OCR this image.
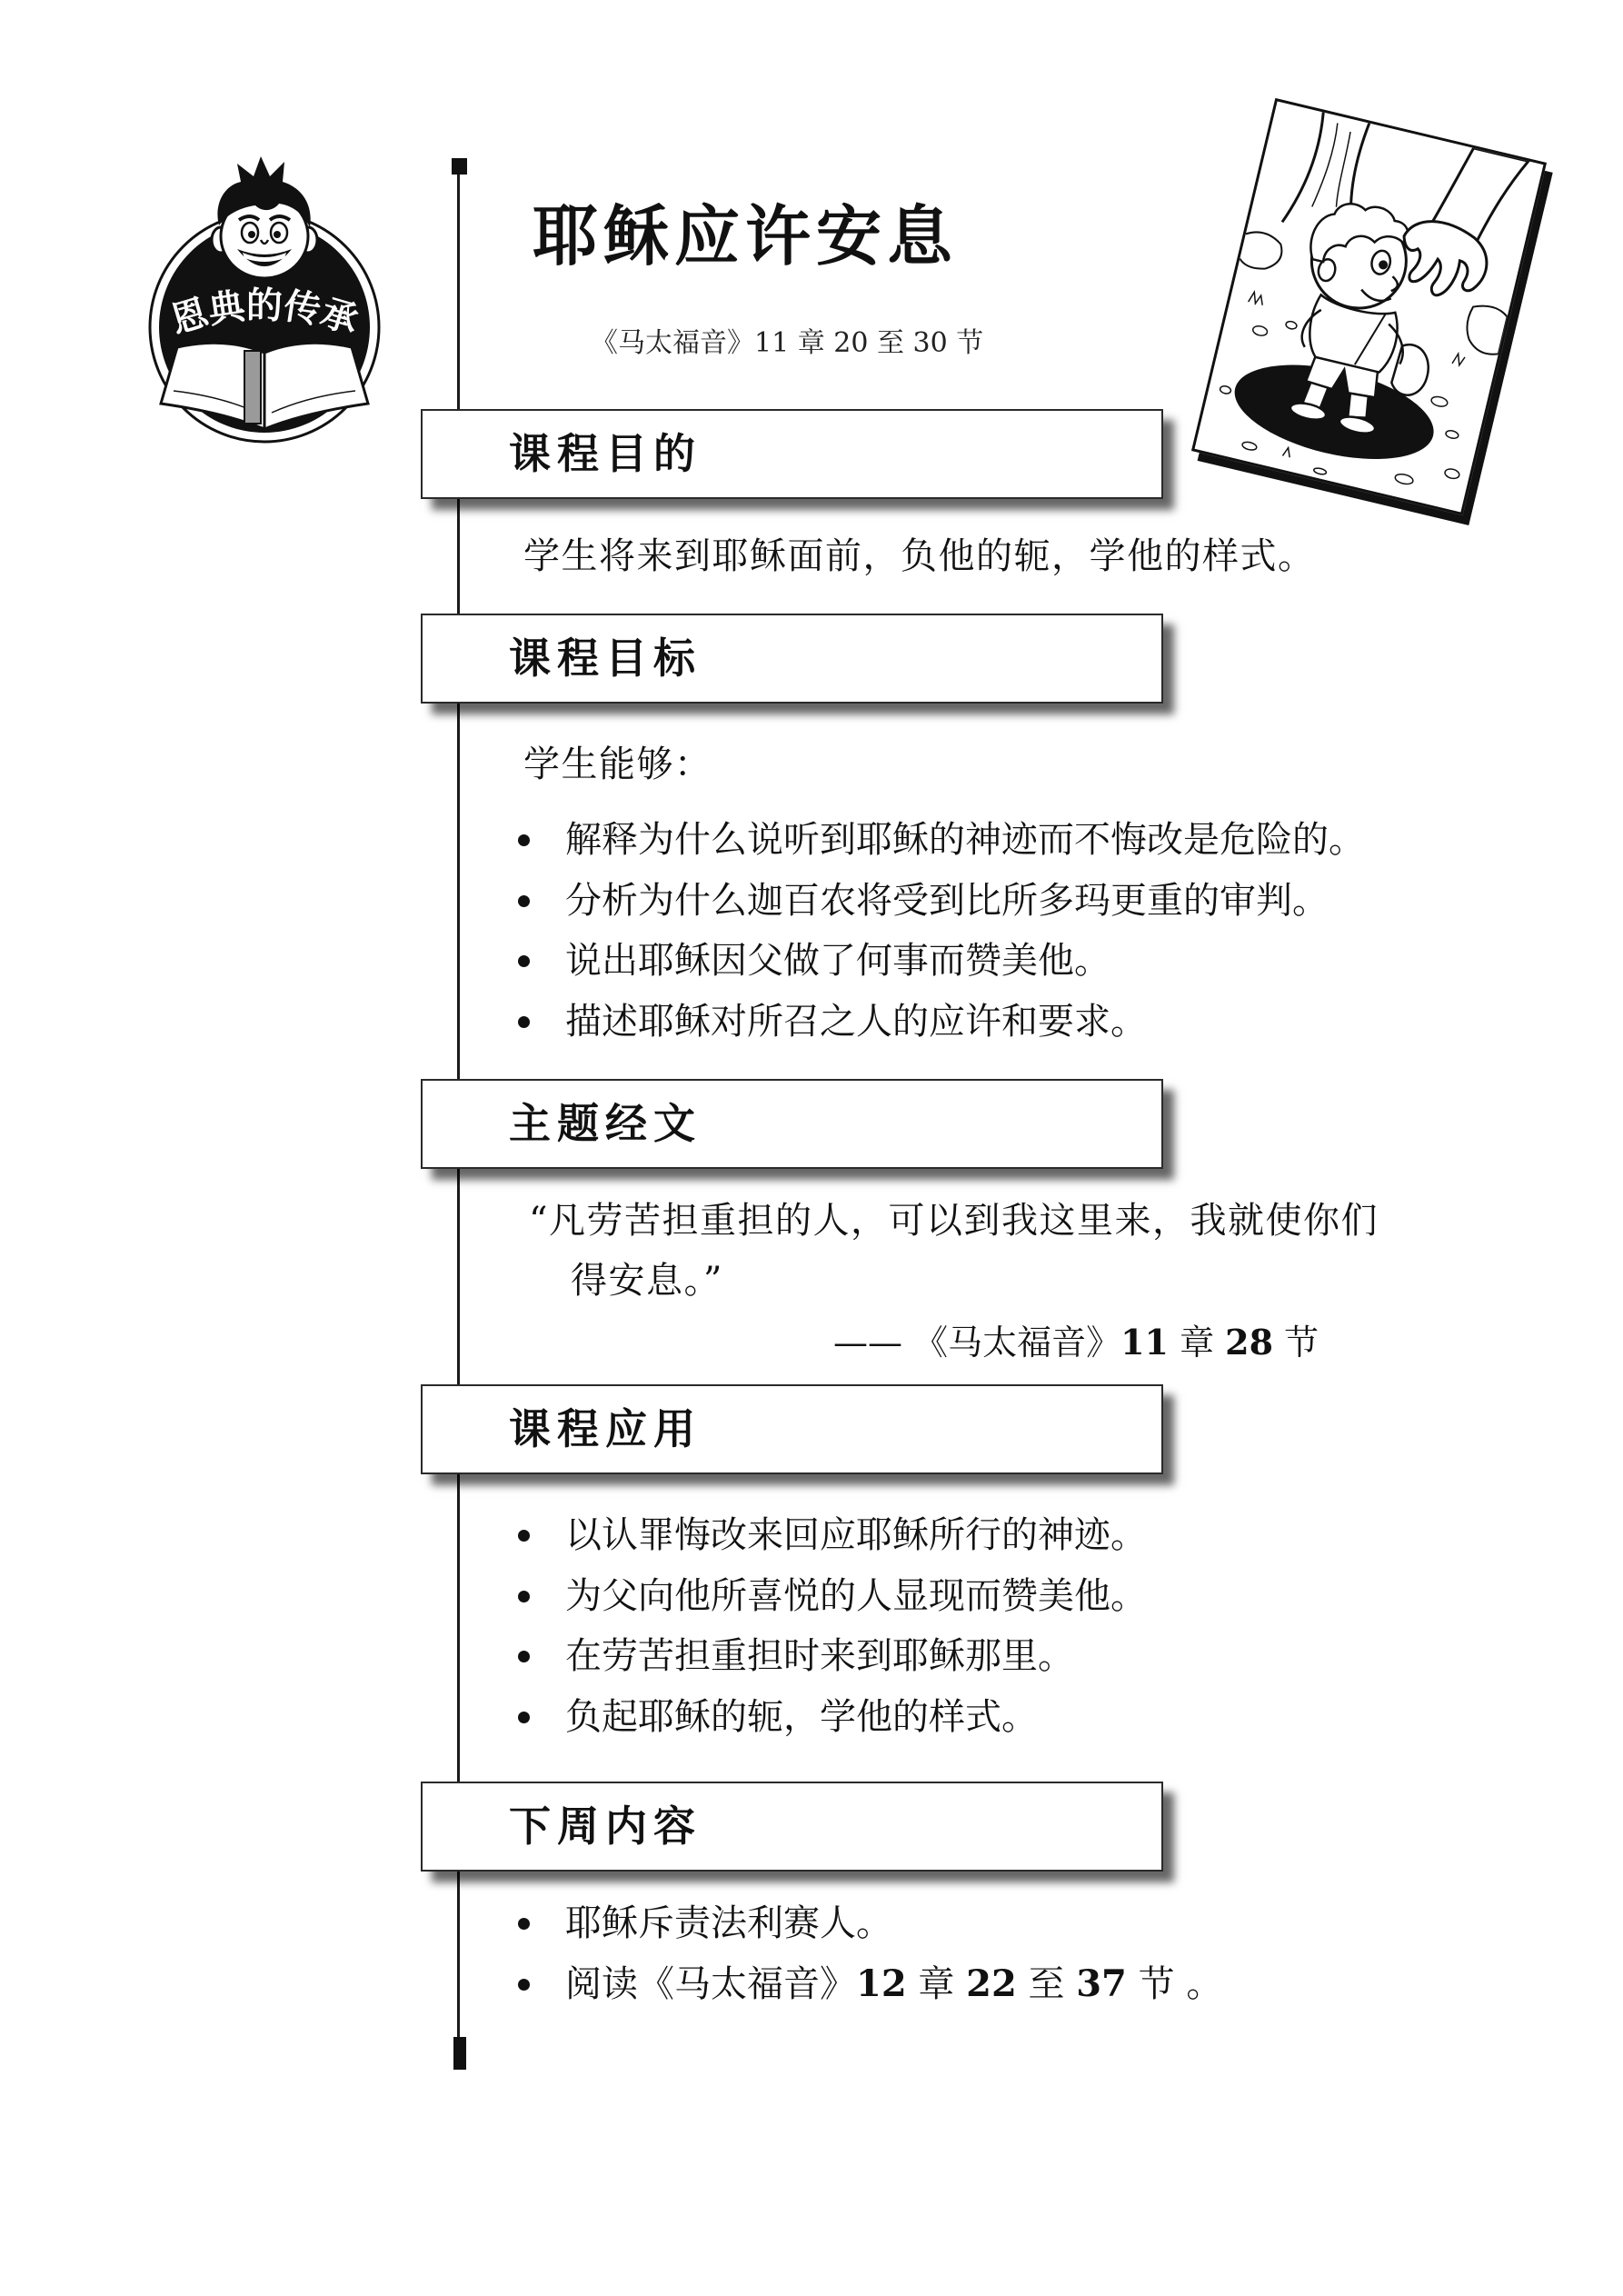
恩典的传承
耶稣应许安息
《马太福音》11 章 20 至 30 节
课程目的
学生将来到耶稣面前，负他的轭，学他的样式。
课程目标
学生能够：
解释为什么说听到耶稣的神迹而不悔改是危险的。
分析为什么迦百农将受到比所多玛更重的审判。
说出耶稣因父做了何事而赞美他。
描述耶稣对所召之人的应许和要求。
主题经文
“凡劳苦担重担的人，可以到我这里来，我就使你们
得安息。”
—— 《马太福音》11 章 28 节
课程应用
以认罪悔改来回应耶稣所行的神迹。
为父向他所喜悦的人显现而赞美他。
在劳苦担重担时来到耶稣那里。
负起耶稣的轭，学他的样式。
下周内容
耶稣斥责法利赛人。
阅读《马太福音》12 章 22 至 37 节 。
